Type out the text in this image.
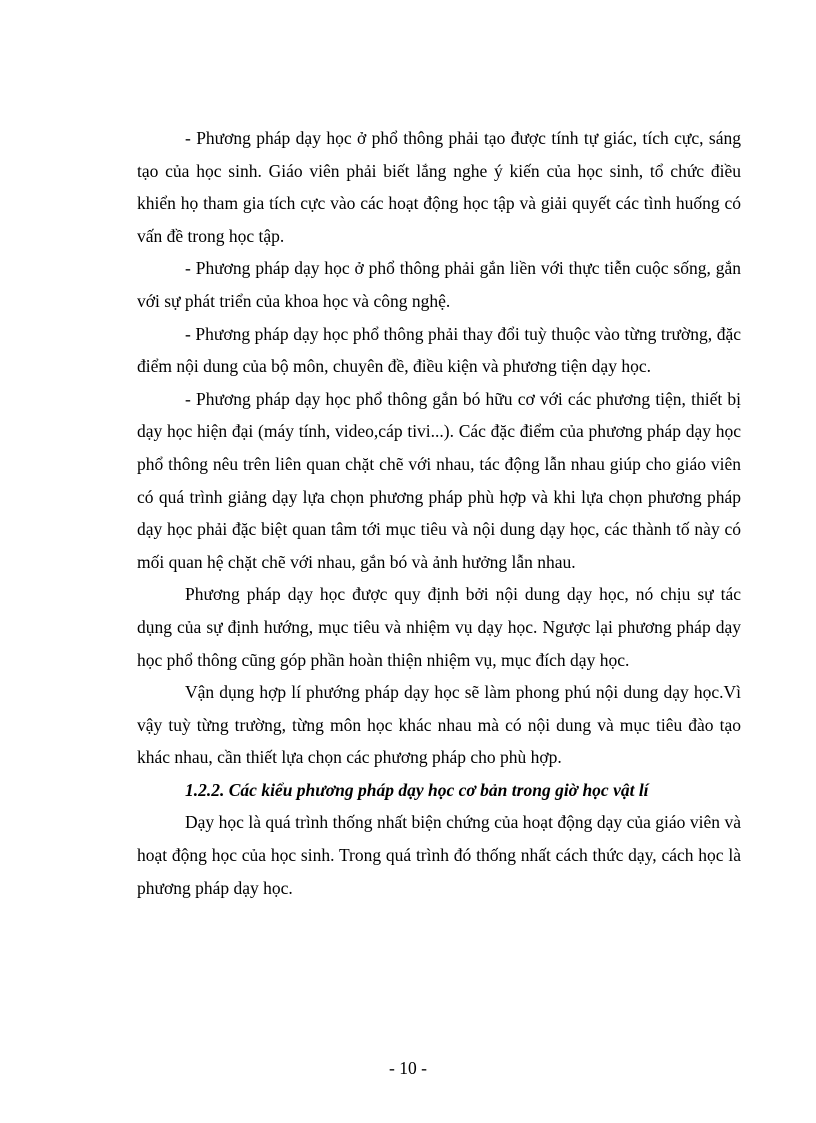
- Phương pháp dạy học ở phổ thông phải tạo được tính tự giác, tích cực, sáng tạo của học sinh. Giáo viên phải biết lắng nghe ý kiến của học sinh, tổ chức điều khiển họ tham gia tích cực vào các hoạt động học tập và giải quyết các tình huống có vấn đề trong học tập.

- Phương pháp dạy học ở phổ thông phải gắn liền với thực tiễn cuộc sống, gắn với sự phát triển của khoa học và công nghệ.

- Phương pháp dạy học phổ thông phải thay đổi tuỳ thuộc vào từng trường, đặc điểm nội dung của bộ môn, chuyên đề, điều kiện và phương tiện dạy học.

- Phương pháp dạy học phổ thông gắn bó hữu cơ với các phương tiện, thiết bị dạy học hiện đại (máy tính, video,cáp tivi...). Các đặc điểm của phương pháp dạy học phổ thông nêu trên liên quan chặt chẽ với nhau, tác động lẫn nhau giúp cho giáo viên có quá trình giảng dạy lựa chọn phương pháp phù hợp và khi lựa chọn phương pháp dạy học phải đặc biệt quan tâm tới mục tiêu và nội dung dạy học, các thành tố này có mối quan hệ chặt chẽ với nhau, gắn bó và ảnh hưởng lẫn nhau.

Phương pháp dạy học được quy định bởi nội dung dạy học, nó chịu sự tác dụng của sự định hướng, mục tiêu và nhiệm vụ dạy học. Ngược lại phương pháp dạy học phổ thông cũng góp phần hoàn thiện nhiệm vụ, mục đích dạy học.

Vận dụng hợp lí phướng pháp dạy học sẽ làm phong phú nội dung dạy học.Vì vậy tuỳ từng trường, từng môn học khác nhau mà có nội dung và mục tiêu đào tạo khác nhau, cần thiết lựa chọn các phương pháp cho phù hợp.

1.2.2. Các kiểu phương pháp dạy học cơ bản trong giờ học vật lí

Dạy học là quá trình thống nhất biện chứng của hoạt động dạy của giáo viên và hoạt động học của học sinh. Trong quá trình đó thống nhất cách thức dạy, cách học là phương pháp dạy học.

- 10 -
